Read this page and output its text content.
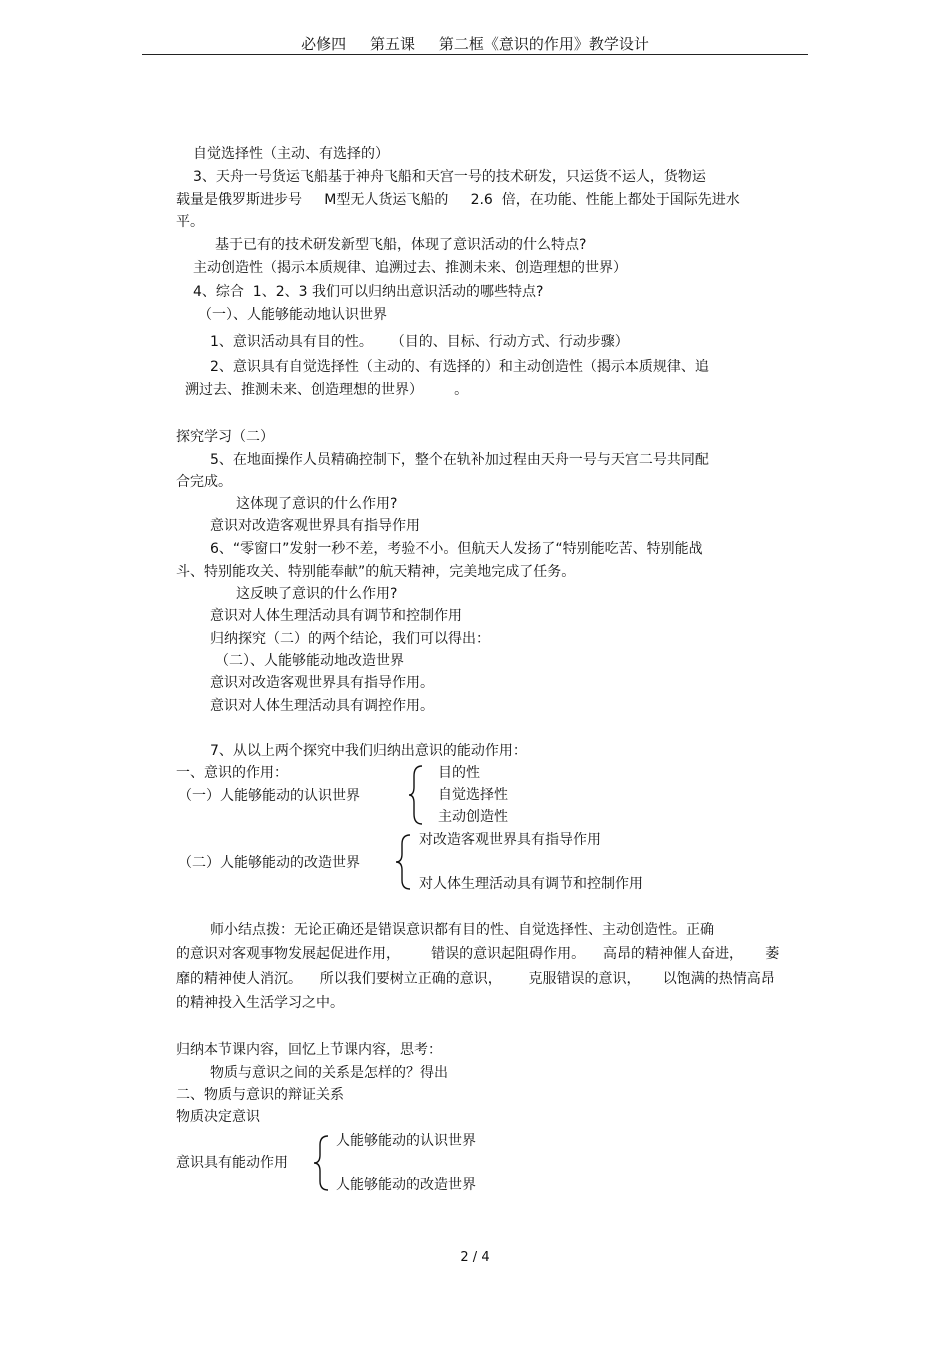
必修四     第五课     第二框《意识的作用》教学设计
自觉选择性（主动、有选择的）
3、天舟一号货运飞船基于神舟飞船和天宫一号的技术研发，只运货不运人，货物运
载量是俄罗斯进步号     M型无人货运飞船的     2.6  倍，在功能、性能上都处于国际先进水
平。
基于已有的技术研发新型飞船，体现了意识活动的什么特点?
主动创造性（揭示本质规律、追溯过去、推测未来、创造理想的世界）
4、综合  1、2、3 我们可以归纳出意识活动的哪些特点?
（一）、人能够能动地认识世界
1、意识活动具有目的性。    （目的、目标、行动方式、行动步骤）
2、意识具有自觉选择性（主动的、有选择的）和主动创造性（揭示本质规律、追
溯过去、推测未来、创造理想的世界）       。
探究学习（二）
5、在地面操作人员精确控制下，整个在轨补加过程由天舟一号与天宫二号共同配
合完成。
这体现了意识的什么作用?
意识对改造客观世界具有指导作用
6、“零窗口”发射一秒不差，考验不小。但航天人发扬了“特别能吃苦、特别能战
斗、特别能攻关、特别能奉献”的航天精神，完美地完成了任务。
这反映了意识的什么作用?
意识对人体生理活动具有调节和控制作用
归纳探究（二）的两个结论，我们可以得出：
（二）、人能够能动地改造世界
意识对改造客观世界具有指导作用。
意识对人体生理活动具有调控作用。
7、从以上两个探究中我们归纳出意识的能动作用：
一、意识的作用：
（一）人能够能动的认识世界
目的性
自觉选择性
主动创造性
对改造客观世界具有指导作用
（二）人能够能动的改造世界
对人体生理活动具有调节和控制作用
师小结点拨：无论正确还是错误意识都有目的性、自觉选择性、主动创造性。正确
的意识对客观事物发展起促进作用，       错误的意识起阻碍作用。    高昂的精神催人奋进，     萎
靡的精神使人消沉。    所以我们要树立正确的意识，      克服错误的意识，     以饱满的热情高昂
的精神投入生活学习之中。
归纳本节课内容，回忆上节课内容，思考：
物质与意识之间的关系是怎样的？得出
二、物质与意识的辩证关系
物质决定意识
人能够能动的认识世界
意识具有能动作用
人能够能动的改造世界
2 / 4
